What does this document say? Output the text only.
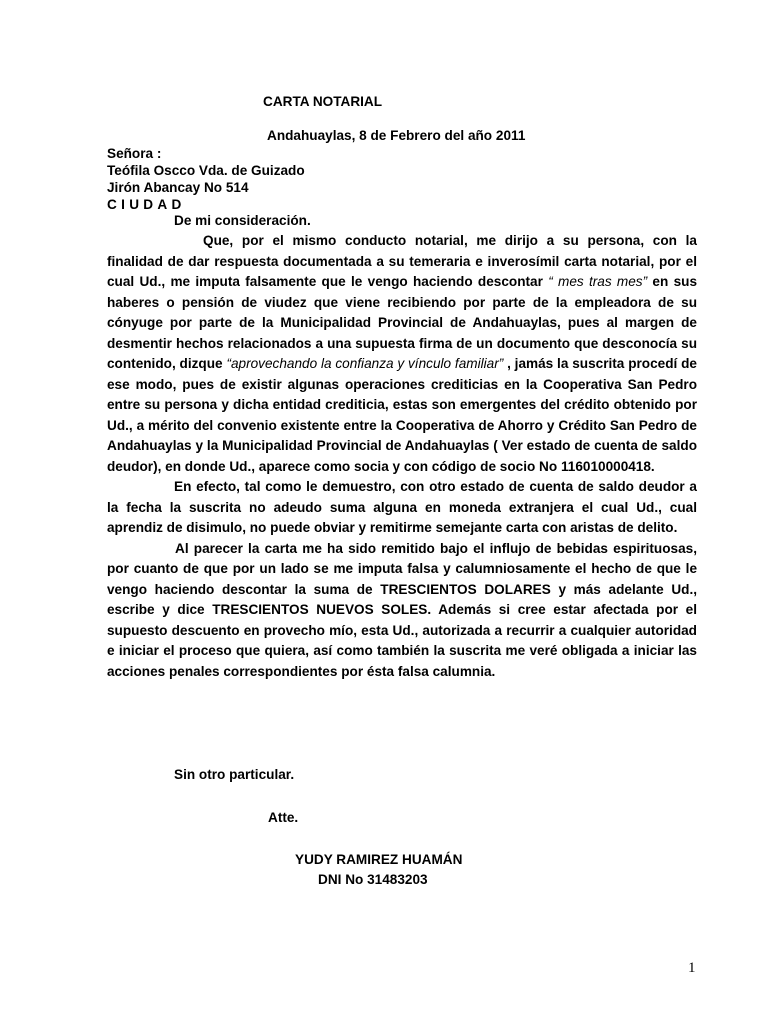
CARTA NOTARIAL
Andahuaylas, 8 de Febrero del año 2011
Señora :
Teófila Oscco Vda. de Guizado
Jirón Abancay No 514
CIUDAD
De mi consideración.

Que, por el mismo conducto notarial, me dirijo a su persona, con la finalidad de dar respuesta documentada a su temeraria e inverosímil carta notarial, por el cual Ud., me imputa falsamente que le vengo haciendo descontar “ mes tras mes” en sus haberes o pensión de viudez que viene recibiendo por parte de la empleadora de su cónyuge por parte de la Municipalidad Provincial de Andahuaylas, pues al margen de desmentir hechos relacionados a una supuesta firma de un documento que desconocía su contenido, dizque “aprovechando la confianza y vínculo familiar” , jamás la suscrita procedí de ese modo, pues de existir algunas operaciones crediticias en la Cooperativa San Pedro entre su persona y dicha entidad crediticia, estas son emergentes del crédito obtenido por Ud., a mérito del convenio existente entre la Cooperativa de Ahorro y Crédito San Pedro de Andahuaylas y la Municipalidad Provincial de Andahuaylas ( Ver estado de cuenta de saldo deudor), en donde Ud., aparece como socia y con código de socio No 116010000418.

En efecto, tal como le demuestro, con otro estado de cuenta de saldo deudor a la fecha la suscrita no adeudo suma alguna en moneda extranjera el cual Ud., cual aprendiz de disimulo, no puede obviar y remitirme semejante carta con aristas de delito.

Al parecer la carta me ha sido remitido bajo el influjo de bebidas espirituosas, por cuanto de que por un lado se me imputa falsa y calumniosamente el hecho de que le vengo haciendo descontar la suma de TRESCIENTOS DOLARES y más adelante Ud., escribe y dice TRESCIENTOS NUEVOS SOLES. Además si cree estar afectada por el supuesto descuento en provecho mío, esta Ud., autorizada a recurrir a cualquier autoridad e iniciar el proceso que quiera, así como también la suscrita me veré obligada a iniciar las acciones penales correspondientes por ésta falsa calumnia.

Sin otro particular.
Atte.
YUDY RAMIREZ HUAMÁN
DNI No 31483203
1
